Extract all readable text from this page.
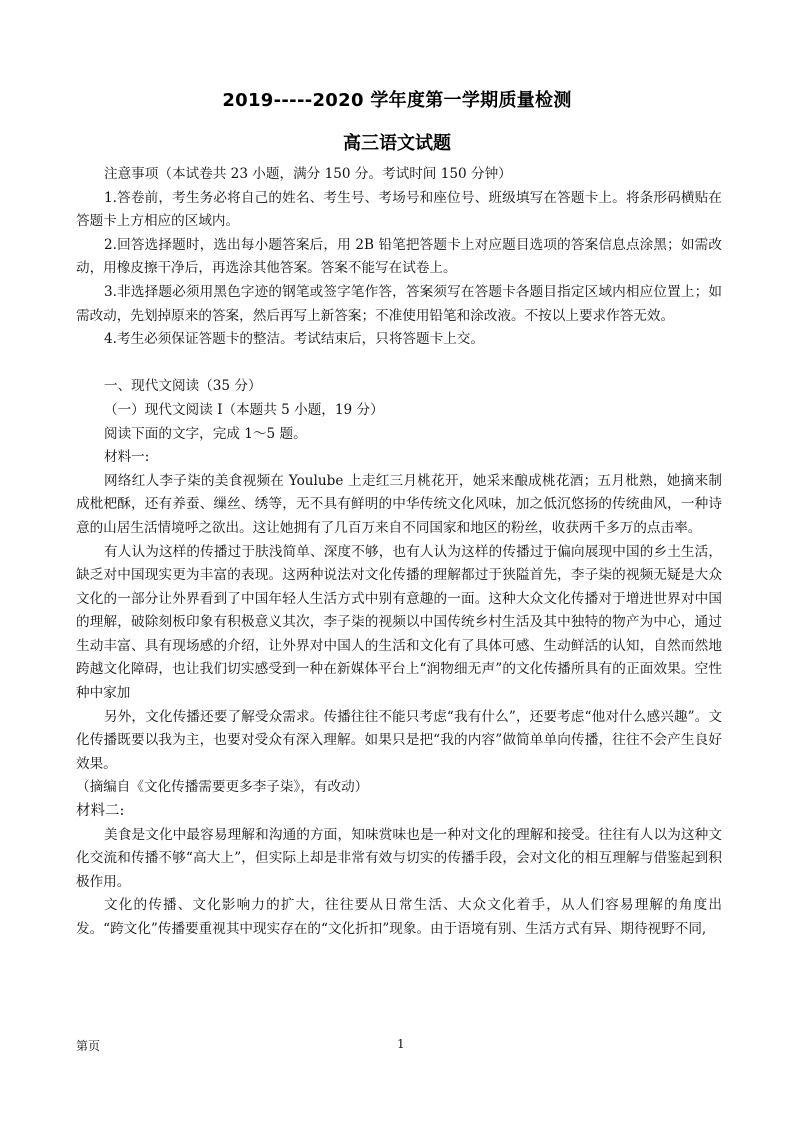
2019-----2020 学年度第一学期质量检测
高三语文试题

注意事项（本试卷共 23 小题，满分 150 分。考试时间 150 分钟）

1.答卷前，考生务必将自己的姓名、考生号、考场号和座位号、班级填写在答题卡上。将条形码横贴在答题卡上方相应的区域内。

2.回答选择题时，选出每小题答案后，用 2B 铅笔把答题卡上对应题目选项的答案信息点涂黑；如需改动，用橡皮擦干净后，再选涂其他答案。答案不能写在试卷上。

3.非选择题必须用黑色字迹的钢笔或签字笔作答，答案须写在答题卡各题目指定区域内相应位置上；如需改动，先划掉原来的答案，然后再写上新答案；不准使用铅笔和涂改液。不按以上要求作答无效。

4.考生必须保证答题卡的整洁。考试结束后，只将答题卡上交。

一、现代文阅读（35 分）

（一）现代文阅读 I（本题共 5 小题，19 分）

阅读下面的文字，完成 1～5 题。

材料一:

网络红人李子柒的美食视频在 Youlube 上走红三月桃花开，她采来酿成桃花酒；五月枇熟，她摘来制成枇杷酥，还有养蚕、缫丝、绣等，无不具有鲜明的中华传统文化风味，加之低沉悠扬的传统曲风，一种诗意的山居生活情境呼之欲出。这让她拥有了几百万来自不同国家和地区的粉丝，收获两千多万的点击率。

有人认为这样的传播过于肤浅简单、深度不够，也有人认为这样的传播过于偏向展现中国的乡土生活，缺乏对中国现实更为丰富的表现。这两种说法对文化传播的理解都过于狭隘首先，李子柒的视频无疑是大众文化的一部分让外界看到了中国年轻人生活方式中别有意趣的一面。这种大众文化传播对于增进世界对中国的理解，破除刻板印象有积极意义其次，李子柒的视频以中国传统乡村生活及其中独特的物产为中心，通过生动丰富、具有现场感的介绍，让外界对中国人的生活和文化有了具体可感、生动鲜活的认知，自然而然地跨越文化障碍，也让我们切实感受到一种在新媒体平台上“润物细无声”的文化传播所具有的正面效果。空性种中家加

另外，文化传播还要了解受众需求。传播往往不能只考虑“我有什么”，还要考虑“他对什么感兴趣”。文化传播既要以我为主，也要对受众有深入理解。如果只是把“我的内容”做简单单向传播，往往不会产生良好效果。

（摘编自《文化传播需要更多李子柒》，有改动）

材料二:

美食是文化中最容易理解和沟通的方面，知味赏味也是一种对文化的理解和接受。往往有人以为这种文化交流和传播不够“高大上”，但实际上却是非常有效与切实的传播手段，会对文化的相互理解与借鉴起到积极作用。

文化的传播、文化影响力的扩大，往往要从日常生活、大众文化着手，从人们容易理解的角度出发。“跨文化”传播要重视其中现实存在的“文化折扣”现象。由于语境有别、生活方式有异、期待视野不同,

第页	1
